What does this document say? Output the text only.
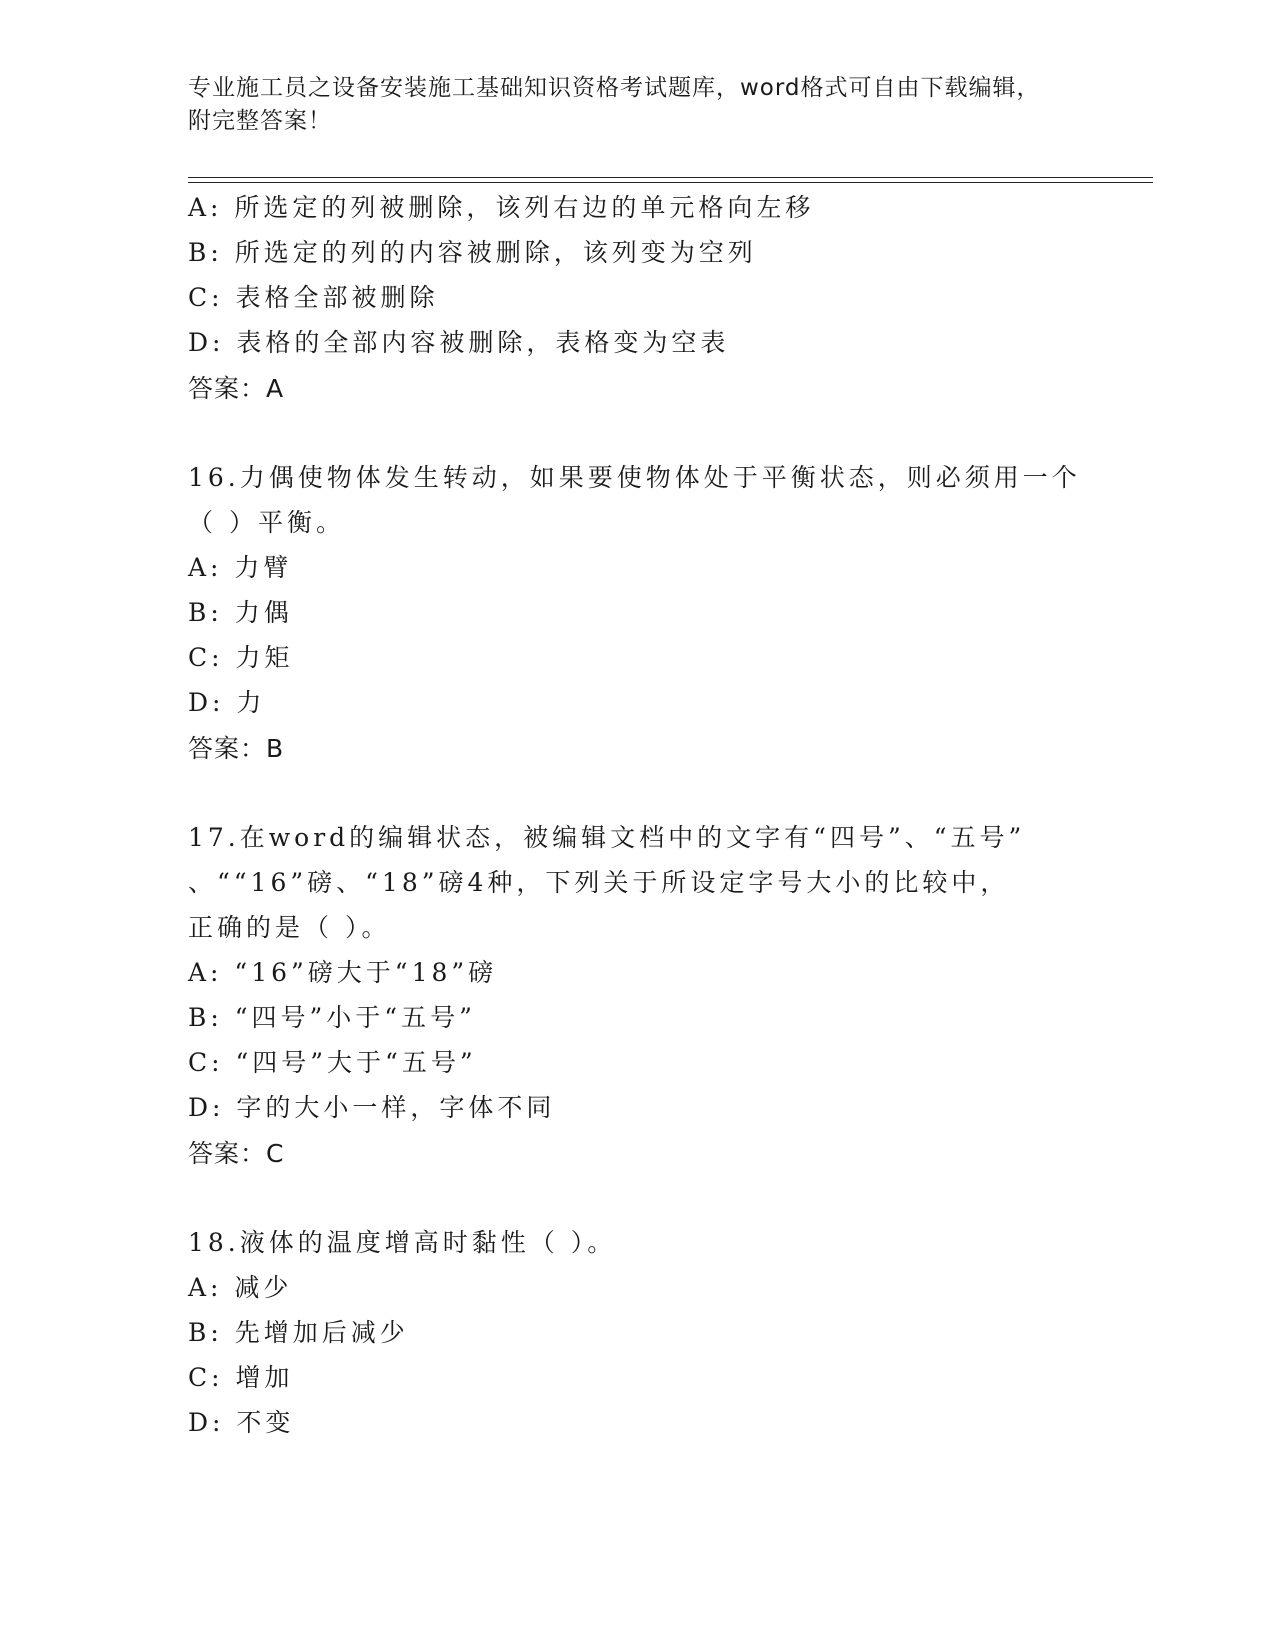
专业施工员之设备安装施工基础知识资格考试题库，word格式可自由下载编辑，
附完整答案！
A: 所选定的列被删除，该列右边的单元格向左移
B: 所选定的列的内容被删除，该列变为空列
C: 表格全部被删除
D: 表格的全部内容被删除，表格变为空表
答案：A
16.力偶使物体发生转动，如果要使物体处于平衡状态，则必须用一个
（ ）平衡。
A: 力臂
B: 力偶
C: 力矩
D: 力
答案：B
17.在word的编辑状态，被编辑文档中的文字有“四号”、“五号”
、““16”磅、“18”磅4种，下列关于所设定字号大小的比较中，
正确的是（ ）。
A: “16”磅大于“18”磅
B: “四号”小于“五号”
C: “四号”大于“五号”
D: 字的大小一样，字体不同
答案：C
18.液体的温度增高时黏性（ ）。
A: 减少
B: 先增加后减少
C: 增加
D: 不变
